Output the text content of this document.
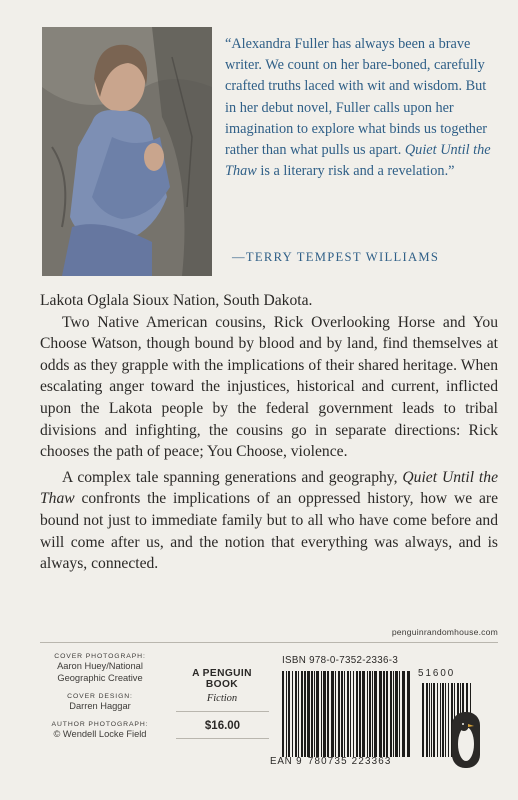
“Alexandra Fuller has always been a brave writer. We count on her bare-boned, carefully crafted truths laced with wit and wisdom. But in her debut novel, Fuller calls upon her imagination to explore what binds us together rather than what pulls us apart. Quiet Until the Thaw is a literary risk and a revelation.”
—TERRY TEMPEST WILLIAMS

Lakota Oglala Sioux Nation, South Dakota.

Two Native American cousins, Rick Overlooking Horse and You Choose Watson, though bound by blood and by land, find themselves at odds as they grapple with the implications of their shared heritage. When escalating anger toward the injustices, historical and current, inflicted upon the Lakota people by the federal government leads to tribal divisions and infighting, the cousins go in separate directions: Rick chooses the path of peace; You Choose, violence.

A complex tale spanning generations and geography, Quiet Until the Thaw confronts the implications of an oppressed history, how we are bound not just to immediate family but to all who have come before and will come after us, and the notion that everything was always, and is always, connected.

penguinrandomhouse.com
COVER PHOTOGRAPH:
Aaron Huey/National
Geographic Creative
COVER DESIGN:
Darren Haggar
AUTHOR PHOTOGRAPH:
© Wendell Locke Field
A PENGUIN BOOK
Fiction
$16.00
ISBN 978-0-7352-2336-3
51600
EAN 9 780735 223363
